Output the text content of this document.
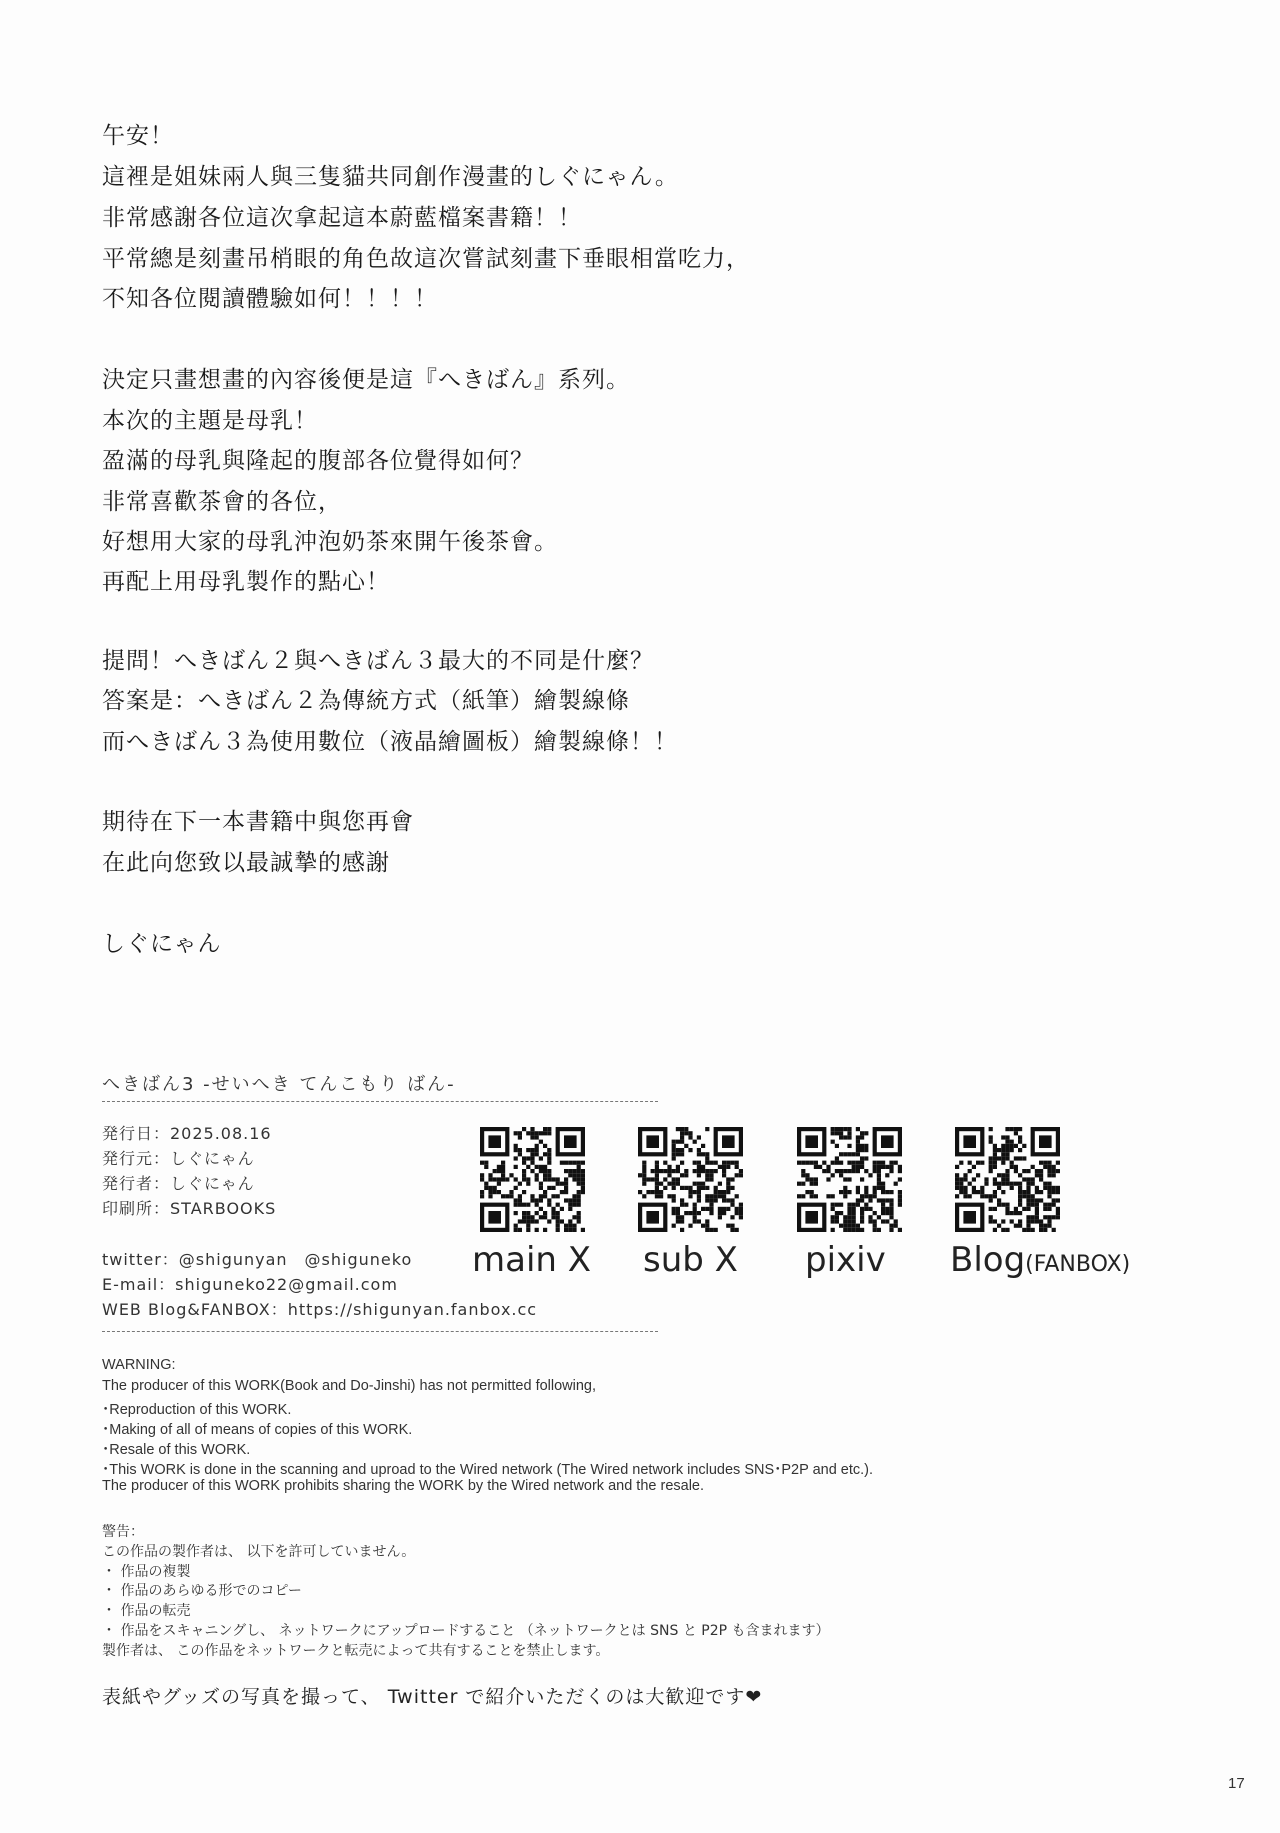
午安！
這裡是姐妹兩人與三隻貓共同創作漫畫的しぐにゃん。
非常感謝各位這次拿起這本蔚藍檔案書籍！！
平常總是刻畫吊梢眼的角色故這次嘗試刻畫下垂眼相當吃力，
不知各位閱讀體驗如何！！！！
決定只畫想畫的內容後便是這『へきばん』系列。
本次的主題是母乳！
盈滿的母乳與隆起的腹部各位覺得如何？
非常喜歡茶會的各位，
好想用大家的母乳沖泡奶茶來開午後茶會。
再配上用母乳製作的點心！
提問！へきばん２與へきばん３最大的不同是什麼？
答案是：へきばん２為傳統方式（紙筆）繪製線條
而へきばん３為使用數位（液晶繪圖板）繪製線條！！
期待在下一本書籍中與您再會
在此向您致以最誠摯的感謝
しぐにゃん
へきばん3 -せいへき てんこもり ばん-
発行日：2025.08.16
発行元：しぐにゃん
発行者：しぐにゃん
印刷所：STARBOOKS
twitter：@shigunyan　@shiguneko
E-mail：shiguneko22@gmail.com
WEB Blog&FANBOX：https://shigunyan.fanbox.cc
main X sub X pixiv Blog(FANBOX)
WARNING:
The producer of this WORK(Book and Do-Jinshi) has not permitted following,
･Reproduction of this WORK.
･Making of all of means of copies of this WORK.
･Resale of this WORK.
･This WORK is done in the scanning and uproad to the Wired network (The Wired network includes SNS･P2P and etc.).
The producer of this WORK prohibits sharing the WORK by the Wired network and the resale.
警告：
この作品の製作者は、 以下を許可していません。
・ 作品の複製
・ 作品のあらゆる形でのコピー
・ 作品の転売
・ 作品をスキャニングし、 ネットワークにアップロードすること （ネットワークとは SNS と P2P も含まれます）
製作者は、 この作品をネットワークと転売によって共有することを禁止します。
表紙やグッズの写真を撮って、 Twitter で紹介いただくのは大歓迎です❤
17
